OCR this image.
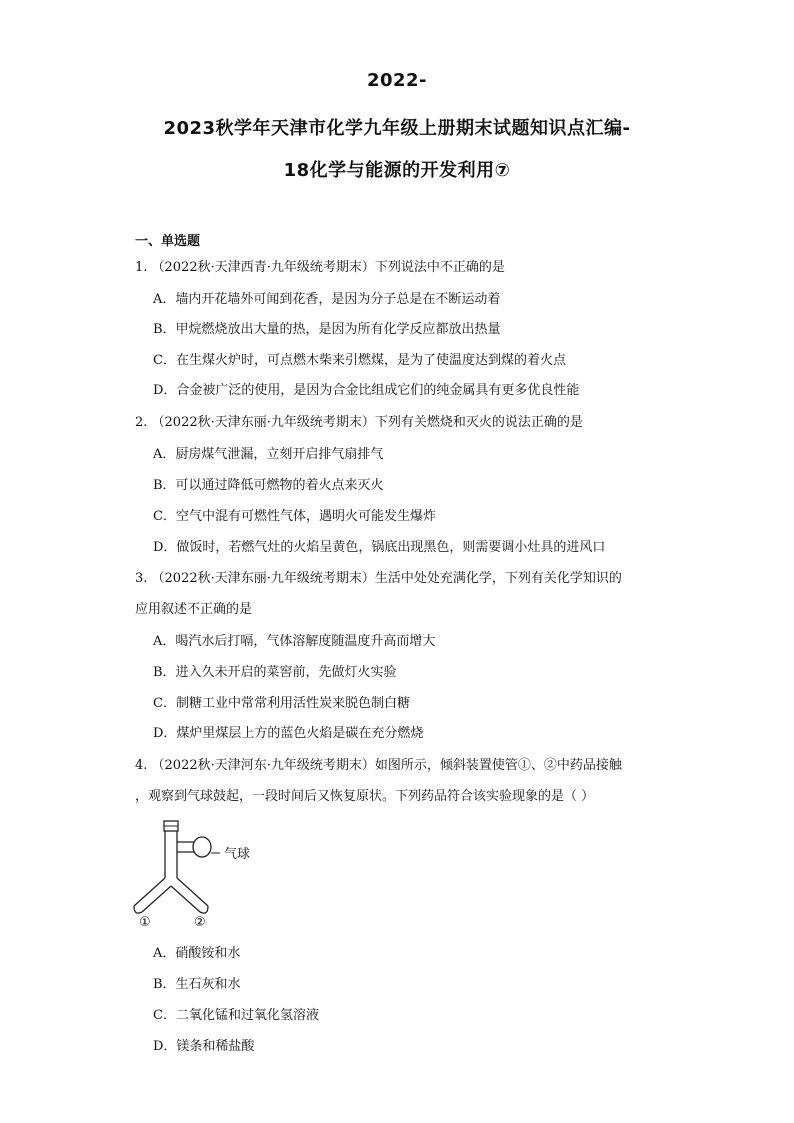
2022-
2023秋学年天津市化学九年级上册期末试题知识点汇编-
18化学与能源的开发利用⑦
一、单选题
1. （2022秋·天津西青·九年级统考期末）下列说法中不正确的是
A．墙内开花墙外可闻到花香，是因为分子总是在不断运动着
B．甲烷燃烧放出大量的热，是因为所有化学反应都放出热量
C．在生煤火炉时，可点燃木柴来引燃煤，是为了使温度达到煤的着火点
D．合金被广泛的使用，是因为合金比组成它们的纯金属具有更多优良性能
2. （2022秋·天津东丽·九年级统考期末）下列有关燃烧和灭火的说法正确的是
A．厨房煤气泄漏，立刻开启排气扇排气
B．可以通过降低可燃物的着火点来灭火
C．空气中混有可燃性气体，遇明火可能发生爆炸
D．做饭时，若燃气灶的火焰呈黄色，锅底出现黑色，则需要调小灶具的进风口
3. （2022秋·天津东丽·九年级统考期末）生活中处处充满化学，下列有关化学知识的
应用叙述不正确的是
A．喝汽水后打嗝，气体溶解度随温度升高而增大
B．进入久未开启的菜窖前，先做灯火实验
C．制糖工业中常常利用活性炭来脱色制白糖
D．煤炉里煤层上方的蓝色火焰是碳在充分燃烧
4. （2022秋·天津河东·九年级统考期末）如图所示，倾斜装置使管①、②中药品接触
，观察到气球鼓起，一段时间后又恢复原状。下列药品符合该实验现象的是（ ）
气球
①	②
A．硝酸铵和水
B．生石灰和水
C．二氧化锰和过氧化氢溶液
D．镁条和稀盐酸
